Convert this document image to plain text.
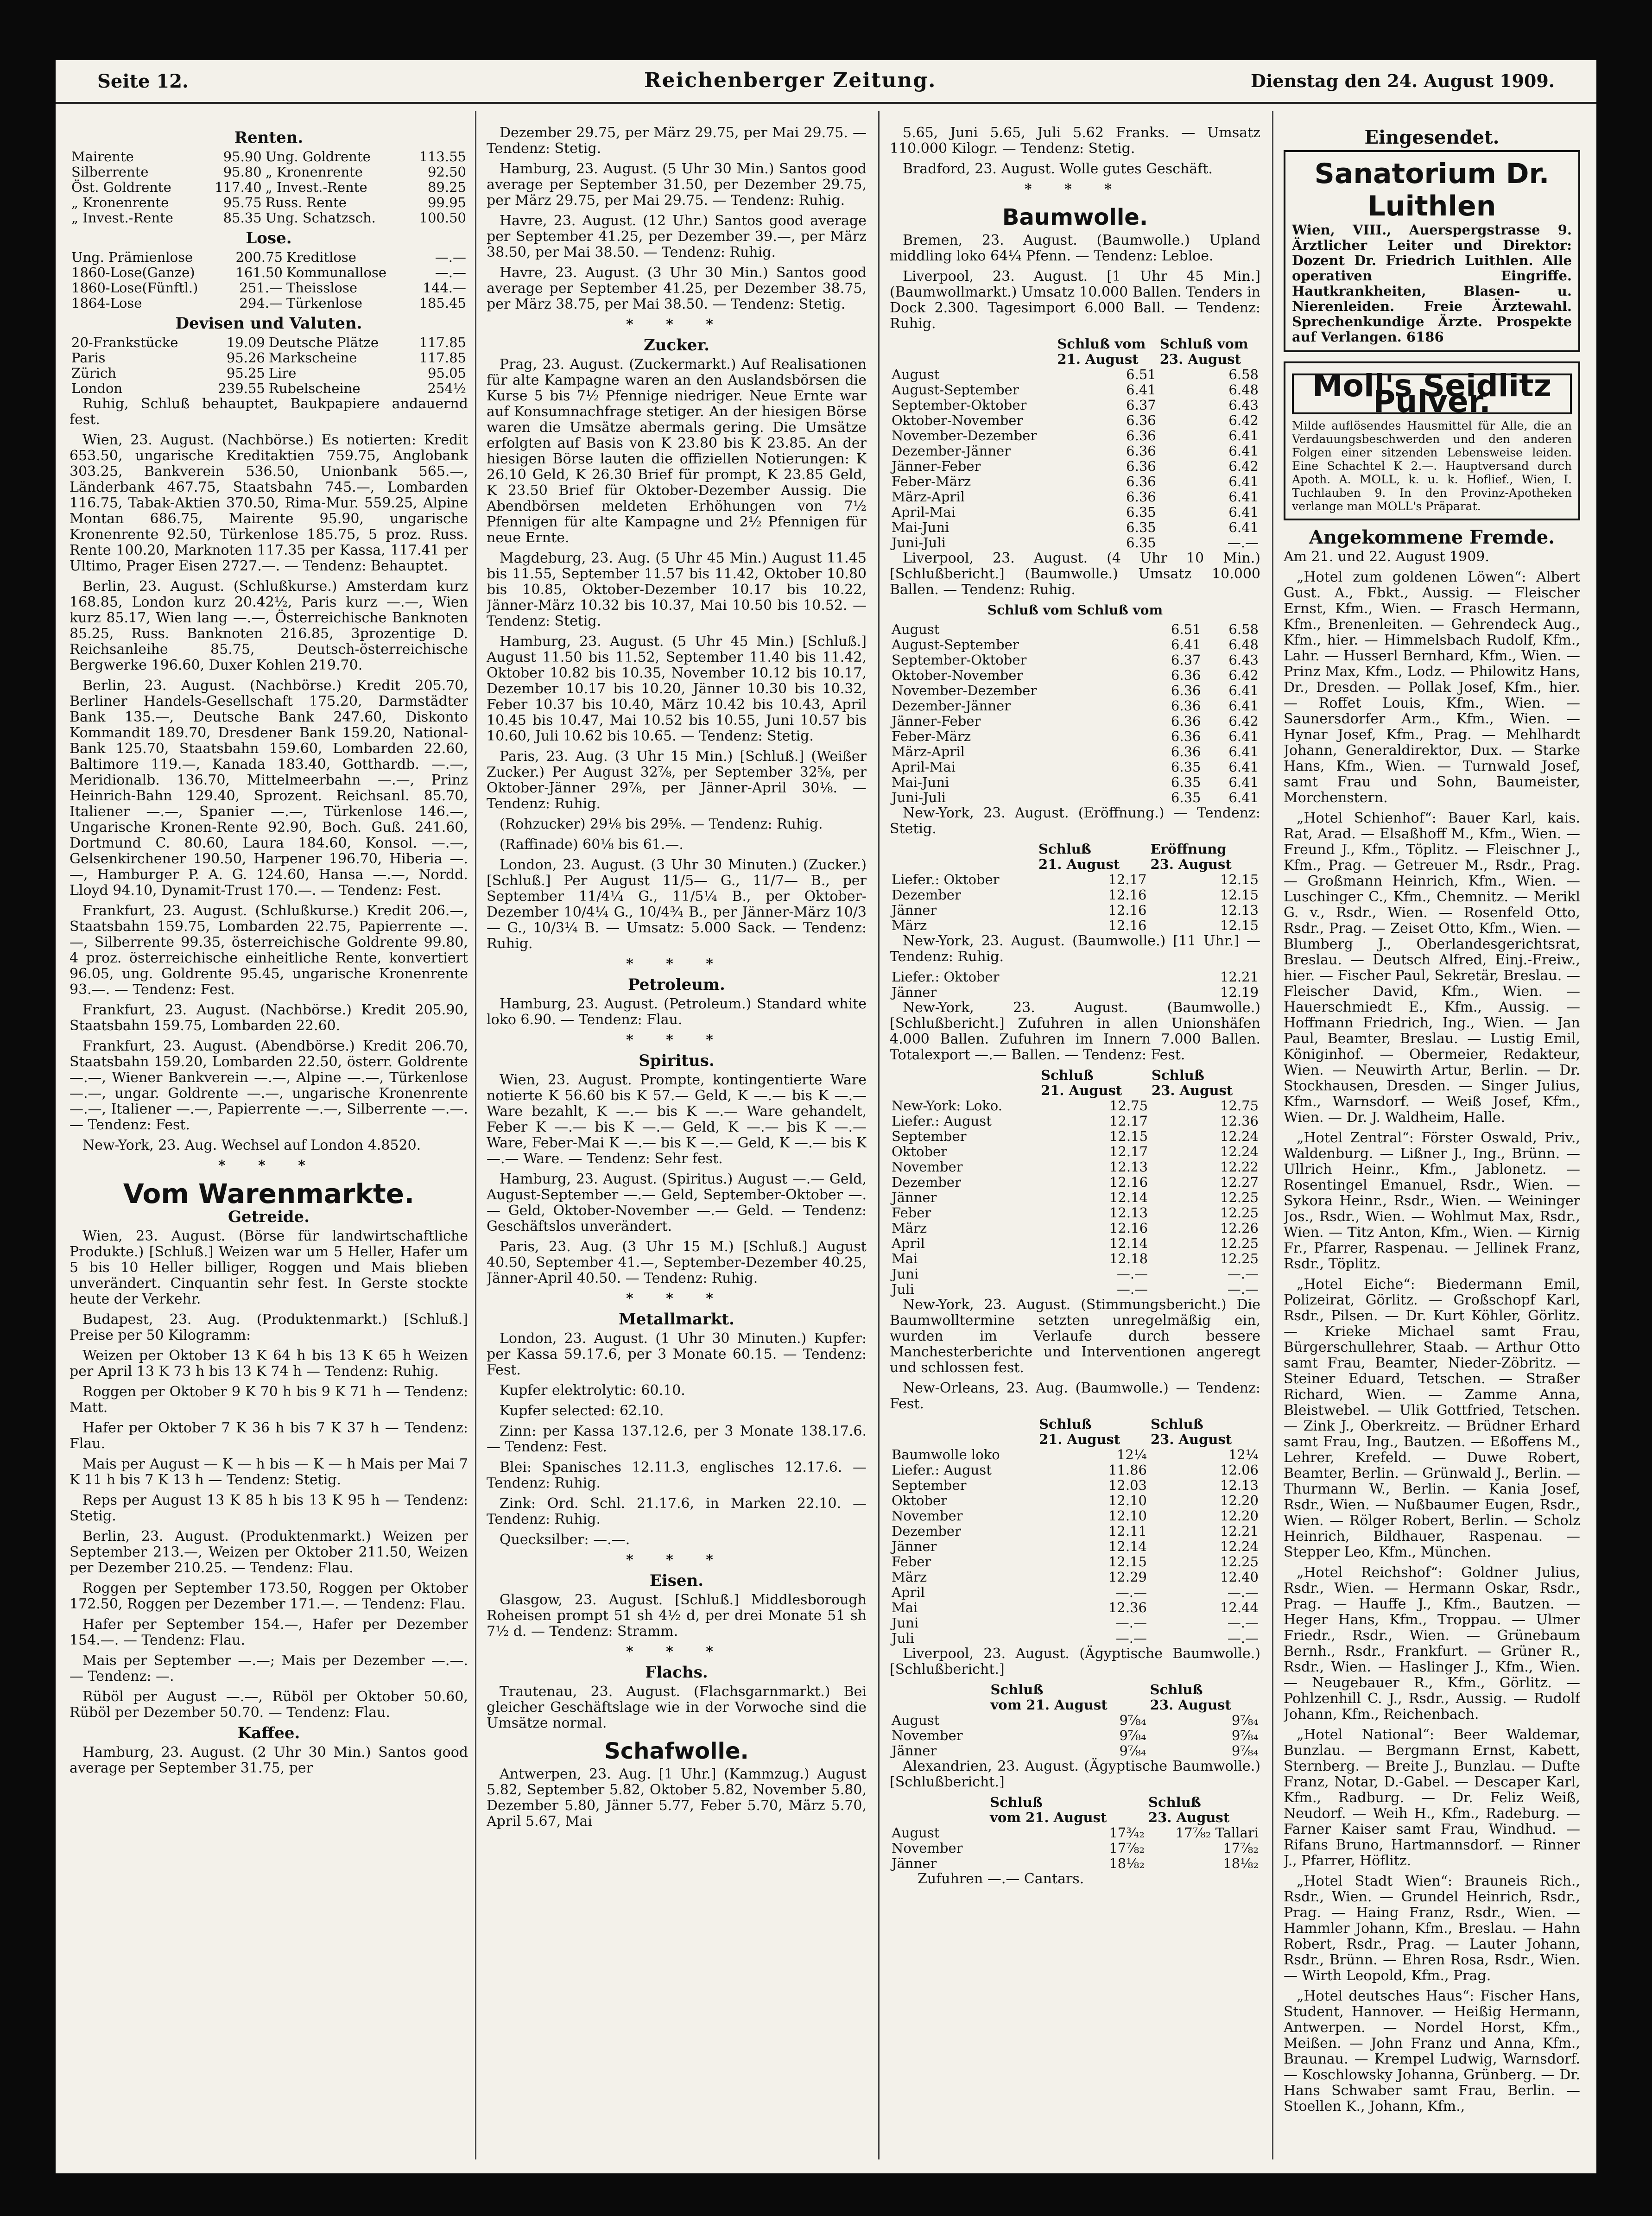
Seite 12.	Reichenberger Zeitung.	Dienstag den 24. August 1909.
Renten.
Mairente	95.90	Ung. Goldrente	113.55
Silberrente	95.80	„ Kronenrente	92.50
Öst. Goldrente	117.40	„ Invest.-Rente	89.25
„ Kronenrente	95.75	Russ. Rente	99.95
„ Invest.-Rente	85.35	Ung. Schatzsch.	100.50
Lose.
Ung. Prämienlose	200.75	Kreditlose	—.—
1860-Lose(Ganze)	161.50	Kommunallose	—.—
1860-Lose(Fünftl.)	251.—	Theisslose	144.—
1864-Lose	294.—	Türkenlose	185.45
Devisen und Valuten.
20-Frankstücke	19.09	Deutsche Plätze	117.85
Paris	95.26	Markscheine	117.85
Zürich	95.25	Lire	95.05
London	239.55	Rubelscheine	254½

Ruhig, Schluß behauptet, Baukpapiere andauernd fest.

Wien, 23. August. (Nachbörse.) Es notierten: Kredit 653.50, ungarische Kreditaktien 759.75, Anglobank 303.25, Bankverein 536.50, Unionbank 565.—, Länderbank 467.75, Staatsbahn 745.—, Lombarden 116.75, Tabak-Aktien 370.50, Rima-Mur. 559.25, Alpine Montan 686.75, Mairente 95.90, ungarische Kronenrente 92.50, Türkenlose 185.75, 5 proz. Russ. Rente 100.20, Marknoten 117.35 per Kassa, 117.41 per Ultimo, Prager Eisen 2727.—. — Tendenz: Behauptet.

Berlin, 23. August. (Schlußkurse.) Amsterdam kurz 168.85, London kurz 20.42½, Paris kurz —.—, Wien kurz 85.17, Wien lang —.—, Österreichische Banknoten 85.25, Russ. Banknoten 216.85, 3prozentige D. Reichsanleihe 85.75, Deutsch-österreichische Bergwerke 196.60, Duxer Kohlen 219.70.

Berlin, 23. August. (Nachbörse.) Kredit 205.70, Berliner Handels-Gesellschaft 175.20, Darmstädter Bank 135.—, Deutsche Bank 247.60, Diskonto Kommandit 189.70, Dresdener Bank 159.20, National-Bank 125.70, Staatsbahn 159.60, Lombarden 22.60, Baltimore 119.—, Kanada 183.40, Gotthardb. —.—, Meridionalb. 136.70, Mittelmeerbahn —.—, Prinz Heinrich-Bahn 129.40, Sprozent. Reichsanl. 85.70, Italiener —.—, Spanier —.—, Türkenlose 146.—, Ungarische Kronen-Rente 92.90, Boch. Guß. 241.60, Dortmund C. 80.60, Laura 184.60, Konsol. —.—, Gelsenkirchener 190.50, Harpener 196.70, Hiberia —.—, Hamburger P. A. G. 124.60, Hansa —.—, Nordd. Lloyd 94.10, Dynamit-Trust 170.—. — Tendenz: Fest.

Frankfurt, 23. August. (Schlußkurse.) Kredit 206.—, Staatsbahn 159.75, Lombarden 22.75, Papierrente —.—, Silberrente 99.35, österreichische Goldrente 99.80, 4 proz. österreichische einheitliche Rente, konvertiert 96.05, ung. Goldrente 95.45, ungarische Kronenrente 93.—. — Tendenz: Fest.

Frankfurt, 23. August. (Nachbörse.) Kredit 205.90, Staatsbahn 159.75, Lombarden 22.60.

Frankfurt, 23. August. (Abendbörse.) Kredit 206.70, Staatsbahn 159.20, Lombarden 22.50, österr. Goldrente —.—, Wiener Bankverein —.—, Alpine —.—, Türkenlose —.—, ungar. Goldrente —.—, ungarische Kronenrente —.—, Italiener —.—, Papierrente —.—, Silberrente —.—. — Tendenz: Fest.

New-York, 23. Aug. Wechsel auf London 4.8520.

* * *
Vom Warenmarkte.
Getreide.

Wien, 23. August. (Börse für landwirtschaftliche Produkte.) [Schluß.] Weizen war um 5 Heller, Hafer um 5 bis 10 Heller billiger, Roggen und Mais blieben unverändert. Cinquantin sehr fest. In Gerste stockte heute der Verkehr.

Budapest, 23. Aug. (Produktenmarkt.) [Schluß.] Preise per 50 Kilogramm:

Weizen per Oktober 13 K 64 h bis 13 K 65 h Weizen per April 13 K 73 h bis 13 K 74 h — Tendenz: Ruhig.

Roggen per Oktober 9 K 70 h bis 9 K 71 h — Tendenz: Matt.

Hafer per Oktober 7 K 36 h bis 7 K 37 h — Tendenz: Flau.

Mais per August — K — h bis — K — h Mais per Mai 7 K 11 h bis 7 K 13 h — Tendenz: Stetig.

Reps per August 13 K 85 h bis 13 K 95 h — Tendenz: Stetig.

Berlin, 23. August. (Produktenmarkt.) Weizen per September 213.—, Weizen per Oktober 211.50, Weizen per Dezember 210.25. — Tendenz: Flau.

Roggen per September 173.50, Roggen per Oktober 172.50, Roggen per Dezember 171.—. — Tendenz: Flau.

Hafer per September 154.—, Hafer per Dezember 154.—. — Tendenz: Flau.

Mais per September —.—; Mais per Dezember —.—. — Tendenz: —.

Rüböl per August —.—, Rüböl per Oktober 50.60, Rüböl per Dezember 50.70. — Tendenz: Flau.

Kaffee.

Hamburg, 23. August. (2 Uhr 30 Min.) Santos good average per September 31.75, per

Dezember 29.75, per März 29.75, per Mai 29.75. — Tendenz: Stetig.

Hamburg, 23. August. (5 Uhr 30 Min.) Santos good average per September 31.50, per Dezember 29.75, per März 29.75, per Mai 29.75. — Tendenz: Ruhig.

Havre, 23. August. (12 Uhr.) Santos good average per September 41.25, per Dezember 39.—, per März 38.50, per Mai 38.50. — Tendenz: Ruhig.

Havre, 23. August. (3 Uhr 30 Min.) Santos good average per September 41.25, per Dezember 38.75, per März 38.75, per Mai 38.50. — Tendenz: Stetig.

* * *
Zucker.

Prag, 23. August. (Zuckermarkt.) Auf Realisationen für alte Kampagne waren an den Auslandsbörsen die Kurse 5 bis 7½ Pfennige niedriger. Neue Ernte war auf Konsumnachfrage stetiger. An der hiesigen Börse waren die Umsätze abermals gering. Die Umsätze erfolgten auf Basis von K 23.80 bis K 23.85. An der hiesigen Börse lauten die offiziellen Notierungen: K 26.10 Geld, K 26.30 Brief für prompt, K 23.85 Geld, K 23.50 Brief für Oktober-Dezember Aussig. Die Abendbörsen meldeten Erhöhungen von 7½ Pfennigen für alte Kampagne und 2½ Pfennigen für neue Ernte.

Magdeburg, 23. Aug. (5 Uhr 45 Min.) August 11.45 bis 11.55, September 11.57 bis 11.42, Oktober 10.80 bis 10.85, Oktober-Dezember 10.17 bis 10.22, Jänner-März 10.32 bis 10.37, Mai 10.50 bis 10.52. — Tendenz: Stetig.

Hamburg, 23. August. (5 Uhr 45 Min.) [Schluß.] August 11.50 bis 11.52, September 11.40 bis 11.42, Oktober 10.82 bis 10.35, November 10.12 bis 10.17, Dezember 10.17 bis 10.20, Jänner 10.30 bis 10.32, Feber 10.37 bis 10.40, März 10.42 bis 10.43, April 10.45 bis 10.47, Mai 10.52 bis 10.55, Juni 10.57 bis 10.60, Juli 10.62 bis 10.65. — Tendenz: Stetig.

Paris, 23. Aug. (3 Uhr 15 Min.) [Schluß.] (Weißer Zucker.) Per August 32⅞, per September 32⅝, per Oktober-Jänner 29⅞, per Jänner-April 30⅛. — Tendenz: Ruhig.

(Rohzucker) 29⅛ bis 29⅝. — Tendenz: Ruhig.

(Raffinade) 60⅛ bis 61.—.

London, 23. August. (3 Uhr 30 Minuten.) (Zucker.) [Schluß.] Per August 11/5— G., 11/7— B., per September 11/4¼ G., 11/5¼ B., per Oktober-Dezember 10/4¼ G., 10/4¾ B., per Jänner-März 10/3— G., 10/3¼ B. — Umsatz: 5.000 Sack. — Tendenz: Ruhig.

* * *
Petroleum.

Hamburg, 23. August. (Petroleum.) Standard white loko 6.90. — Tendenz: Flau.

* * *
Spiritus.

Wien, 23. August. Prompte, kontingentierte Ware notierte K 56.60 bis K 57.— Geld, K —.— bis K —.— Ware bezahlt, K —.— bis K —.— Ware gehandelt, Feber K —.— bis K —.— Geld, K —.— bis K —.— Ware, Feber-Mai K —.— bis K —.— Geld, K —.— bis K —.— Ware. — Tendenz: Sehr fest.

Hamburg, 23. August. (Spiritus.) August —.— Geld, August-September —.— Geld, September-Oktober —.— Geld, Oktober-November —.— Geld. — Tendenz: Geschäftslos unverändert.

Paris, 23. Aug. (3 Uhr 15 M.) [Schluß.] August 40.50, September 41.—, September-Dezember 40.25, Jänner-April 40.50. — Tendenz: Ruhig.

* * *
Metallmarkt.

London, 23. August. (1 Uhr 30 Minuten.) Kupfer: per Kassa 59.17.6, per 3 Monate 60.15. — Tendenz: Fest.

Kupfer elektrolytic: 60.10.

Kupfer selected: 62.10.

Zinn: per Kassa 137.12.6, per 3 Monate 138.17.6. — Tendenz: Fest.

Blei: Spanisches 12.11.3, englisches 12.17.6. — Tendenz: Ruhig.

Zink: Ord. Schl. 21.17.6, in Marken 22.10. — Tendenz: Ruhig.

Quecksilber: —.—.

* * *
Eisen.

Glasgow, 23. August. [Schluß.] Middlesborough Roheisen prompt 51 sh 4½ d, per drei Monate 51 sh 7½ d. — Tendenz: Stramm.

* * *
Flachs.

Trautenau, 23. August. (Flachsgarnmarkt.) Bei gleicher Geschäftslage wie in der Vorwoche sind die Umsätze normal.

Schafwolle.

Antwerpen, 23. Aug. [1 Uhr.] (Kammzug.) August 5.82, September 5.82, Oktober 5.82, November 5.80, Dezember 5.80, Jänner 5.77, Feber 5.70, März 5.70, April 5.67, Mai

5.65, Juni 5.65, Juli 5.62 Franks. — Umsatz 110.000 Kilogr. — Tendenz: Stetig.

Bradford, 23. August. Wolle gutes Geschäft.

* * *
Baumwolle.

Bremen, 23. August. (Baumwolle.) Upland middling loko 64¼ Pfenn. — Tendenz: Lebloe.

Liverpool, 23. August. [1 Uhr 45 Min.] (Baumwollmarkt.) Umsatz 10.000 Ballen. Tenders in Dock 2.300. Tagesimport 6.000 Ball. — Tendenz: Ruhig.

	Schluß vom	Schluß vom
	21. August	23. August
August	6.51	6.58
August-September	6.41	6.48
September-Oktober	6.37	6.43
Oktober-November	6.36	6.42
November-Dezember	6.36	6.41
Dezember-Jänner	6.36	6.41
Jänner-Feber	6.36	6.42
Feber-März	6.36	6.41
März-April	6.36	6.41
April-Mai	6.35	6.41
Mai-Juni	6.35	6.41
Juni-Juli	6.35	—.—

Liverpool, 23. August. (4 Uhr 10 Min.) [Schlußbericht.] (Baumwolle.) Umsatz 10.000 Ballen. — Tendenz: Ruhig.

Schluß vom Schluß vom
August	6.51	6.58
August-September	6.41	6.48
September-Oktober	6.37	6.43
Oktober-November	6.36	6.42
November-Dezember	6.36	6.41
Dezember-Jänner	6.36	6.41
Jänner-Feber	6.36	6.42
Feber-März	6.36	6.41
März-April	6.36	6.41
April-Mai	6.35	6.41
Mai-Juni	6.35	6.41
Juni-Juli	6.35	6.41

New-York, 23. August. (Eröffnung.) — Tendenz: Stetig.

	Schluß	Eröffnung
	21. August	23. August
Liefer.: Oktober	12.17	12.15
Dezember	12.16	12.15
Jänner	12.16	12.13
März	12.16	12.15

New-York, 23. August. (Baumwolle.) [11 Uhr.] — Tendenz: Ruhig.

Liefer.: Oktober	12.21
Jänner	12.19

New-York, 23. August. (Baumwolle.) [Schlußbericht.] Zufuhren in allen Unionshäfen 4.000 Ballen. Zufuhren im Innern 7.000 Ballen. Totalexport —.— Ballen. — Tendenz: Fest.

	Schluß	Schluß
	21. August	23. August
New-York: Loko.	12.75	12.75
Liefer.: August	12.17	12.36
September	12.15	12.24
Oktober	12.17	12.24
November	12.13	12.22
Dezember	12.16	12.27
Jänner	12.14	12.25
Feber	12.13	12.25
März	12.16	12.26
April	12.14	12.25
Mai	12.18	12.25
Juni	—.—	—.—
Juli	—.—	—.—

New-York, 23. August. (Stimmungsbericht.) Die Baumwolltermine setzten unregelmäßig ein, wurden im Verlaufe durch bessere Manchesterberichte und Interventionen angeregt und schlossen fest.

New-Orleans, 23. Aug. (Baumwolle.) — Tendenz: Fest.

	Schluß	Schluß
	21. August	23. August
Baumwolle loko	12¼	12¼
Liefer.: August	11.86	12.06
September	12.03	12.13
Oktober	12.10	12.20
November	12.10	12.20
Dezember	12.11	12.21
Jänner	12.14	12.24
Feber	12.15	12.25
März	12.29	12.40
April	—.—	—.—
Mai	12.36	12.44
Juni	—.—	—.—
Juli	—.—	—.—

Liverpool, 23. August. (Ägyptische Baumwolle.) [Schlußbericht.]

	Schluß	Schluß
	vom 21. August	23. August
August	9⅞₄	9⅞₄
November	9⅞₄	9⅞₄
Jänner	9⅞₄	9⅞₄

Alexandrien, 23. August. (Ägyptische Baumwolle.) [Schlußbericht.]

	Schluß	Schluß
	vom 21. August	23. August
August	17¾₂	17⅞₂ Tallari
November	17⅞₂	17⅞₂
Jänner	18⅛₂	18⅛₂
Zufuhren —.— Cantars.
Eingesendet.
Sanatorium Dr. Luithlen
Wien, VIII., Auerspergstrasse 9. Ärztlicher Leiter und Direktor: Dozent Dr. Friedrich Luithlen. Alle operativen Eingriffe. Hautkrankheiten, Blasen- u. Nierenleiden. Freie Ärztewahl. Sprechenkundige Ärzte. Prospekte auf Verlangen. 6186
Moll's Seidlitz Pulver.
Milde auflösendes Hausmittel für Alle, die an Verdauungsbeschwerden und den anderen Folgen einer sitzenden Lebensweise leiden. Eine Schachtel K 2.—. Hauptversand durch Apoth. A. MOLL, k. u. k. Hoflief., Wien, I. Tuchlauben 9. In den Provinz-Apotheken verlange man MOLL's Präparat.
Angekommene Fremde.
Am 21. und 22. August 1909.

„Hotel zum goldenen Löwen“: Albert Gust. A., Fbkt., Aussig. — Fleischer Ernst, Kfm., Wien. — Frasch Hermann, Kfm., Brenenleiten. — Gehrendeck Aug., Kfm., hier. — Himmelsbach Rudolf, Kfm., Lahr. — Husserl Bernhard, Kfm., Wien. — Prinz Max, Kfm., Lodz. — Philowitz Hans, Dr., Dresden. — Pollak Josef, Kfm., hier. — Roffet Louis, Kfm., Wien. — Saunersdorfer Arm., Kfm., Wien. — Hynar Josef, Kfm., Prag. — Mehlhardt Johann, Generaldirektor, Dux. — Starke Hans, Kfm., Wien. — Turnwald Josef, samt Frau und Sohn, Baumeister, Morchenstern.

„Hotel Schienhof“: Bauer Karl, kais. Rat, Arad. — Elsaßhoff M., Kfm., Wien. — Freund J., Kfm., Töplitz. — Fleischner J., Kfm., Prag. — Getreuer M., Rsdr., Prag. — Großmann Heinrich, Kfm., Wien. — Luschinger C., Kfm., Chemnitz. — Merikl G. v., Rsdr., Wien. — Rosenfeld Otto, Rsdr., Prag. — Zeiset Otto, Kfm., Wien. — Blumberg J., Oberlandesgerichtsrat, Breslau. — Deutsch Alfred, Einj.-Freiw., hier. — Fischer Paul, Sekretär, Breslau. — Fleischer David, Kfm., Wien. — Hauerschmiedt E., Kfm., Aussig. — Hoffmann Friedrich, Ing., Wien. — Jan Paul, Beamter, Breslau. — Lustig Emil, Königinhof. — Obermeier, Redakteur, Wien. — Neuwirth Artur, Berlin. — Dr. Stockhausen, Dresden. — Singer Julius, Kfm., Warnsdorf. — Weiß Josef, Kfm., Wien. — Dr. J. Waldheim, Halle.

„Hotel Zentral“: Förster Oswald, Priv., Waldenburg. — Lißner J., Ing., Brünn. — Ullrich Heinr., Kfm., Jablonetz. — Rosentingel Emanuel, Rsdr., Wien. — Sykora Heinr., Rsdr., Wien. — Weininger Jos., Rsdr., Wien. — Wohlmut Max, Rsdr., Wien. — Titz Anton, Kfm., Wien. — Kirnig Fr., Pfarrer, Raspenau. — Jellinek Franz, Rsdr., Töplitz.

„Hotel Eiche“: Biedermann Emil, Polizeirat, Görlitz. — Großschopf Karl, Rsdr., Pilsen. — Dr. Kurt Köhler, Görlitz. — Krieke Michael samt Frau, Bürgerschullehrer, Staab. — Arthur Otto samt Frau, Beamter, Nieder-Zöbritz. — Steiner Eduard, Tetschen. — Straßer Richard, Wien. — Zamme Anna, Bleistwebel. — Ulik Gottfried, Tetschen. — Zink J., Oberkreitz. — Brüdner Erhard samt Frau, Ing., Bautzen. — Eßoffens M., Lehrer, Krefeld. — Duwe Robert, Beamter, Berlin. — Grünwald J., Berlin. — Thurmann W., Berlin. — Kania Josef, Rsdr., Wien. — Nußbaumer Eugen, Rsdr., Wien. — Rölger Robert, Berlin. — Scholz Heinrich, Bildhauer, Raspenau. — Stepper Leo, Kfm., München.

„Hotel Reichshof“: Goldner Julius, Rsdr., Wien. — Hermann Oskar, Rsdr., Prag. — Hauffe J., Kfm., Bautzen. — Heger Hans, Kfm., Troppau. — Ulmer Friedr., Rsdr., Wien. — Grünebaum Bernh., Rsdr., Frankfurt. — Grüner R., Rsdr., Wien. — Haslinger J., Kfm., Wien. — Neugebauer R., Kfm., Görlitz. — Pohlzenhill C. J., Rsdr., Aussig. — Rudolf Johann, Kfm., Reichenbach.

„Hotel National“: Beer Waldemar, Bunzlau. — Bergmann Ernst, Kabett, Sternberg. — Breite J., Bunzlau. — Dufte Franz, Notar, D.-Gabel. — Descaper Karl, Kfm., Radburg. — Dr. Feliz Weiß, Neudorf. — Weih H., Kfm., Radeburg. — Farner Kaiser samt Frau, Windhud. — Rifans Bruno, Hartmannsdorf. — Rinner J., Pfarrer, Höflitz.

„Hotel Stadt Wien“: Brauneis Rich., Rsdr., Wien. — Grundel Heinrich, Rsdr., Prag. — Haing Franz, Rsdr., Wien. — Hammler Johann, Kfm., Breslau. — Hahn Robert, Rsdr., Prag. — Lauter Johann, Rsdr., Brünn. — Ehren Rosa, Rsdr., Wien. — Wirth Leopold, Kfm., Prag.

„Hotel deutsches Haus“: Fischer Hans, Student, Hannover. — Heißig Hermann, Antwerpen. — Nordel Horst, Kfm., Meißen. — John Franz und Anna, Kfm., Braunau. — Krempel Ludwig, Warnsdorf. — Koschlowsky Johanna, Grünberg. — Dr. Hans Schwaber samt Frau, Berlin. — Stoellen K., Johann, Kfm.,
